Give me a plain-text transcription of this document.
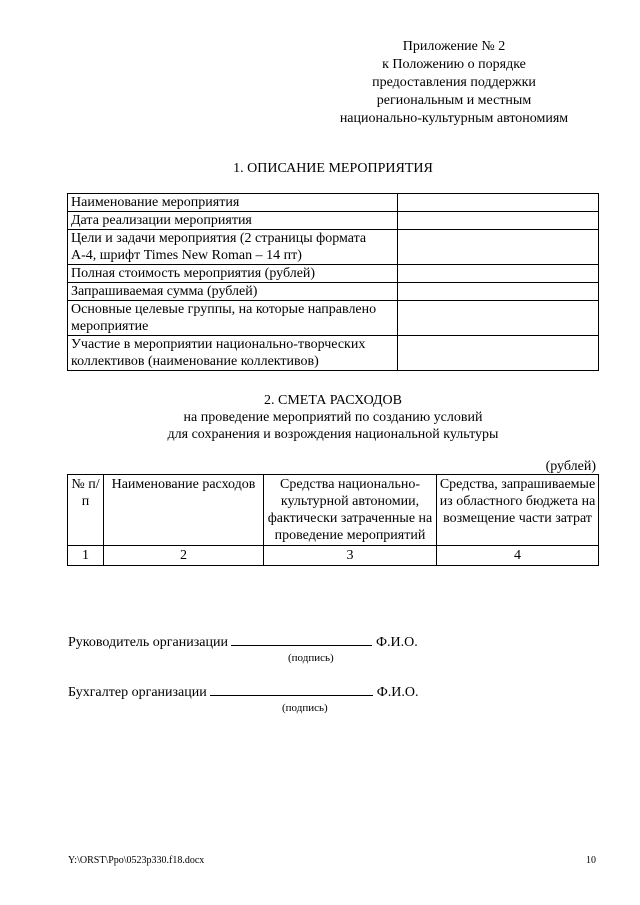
Приложение № 2
к Положению о порядке
предоставления поддержки
региональным и местным
национально-культурным автономиям
1. ОПИСАНИЕ МЕРОПРИЯТИЯ
Наименование мероприятия	
Дата реализации мероприятия	
Цели и задачи мероприятия (2 страницы формата А-4, шрифт Times New Roman – 14 пт)	
Полная стоимость мероприятия (рублей)	
Запрашиваемая сумма (рублей)	
Основные целевые группы, на которые направлено мероприятие	
Участие в мероприятии национально-творческих коллективов (наименование коллективов)	
2. СМЕТА РАСХОДОВ
на проведение мероприятий по созданию условий
для сохранения и возрождения национальной культуры
(рублей)
№ п/п	Наименование расходов	Средства национально-культурной автономии, фактически затраченные на проведение мероприятий	Средства, запрашиваемые из областного бюджета на возмещение части затрат
1	2	3	4
Руководитель организации	Ф.И.О.
(подпись)
Бухгалтер организации	Ф.И.О.
(подпись)
Y:\ORST\Ppo\0523p330.f18.docx	10
